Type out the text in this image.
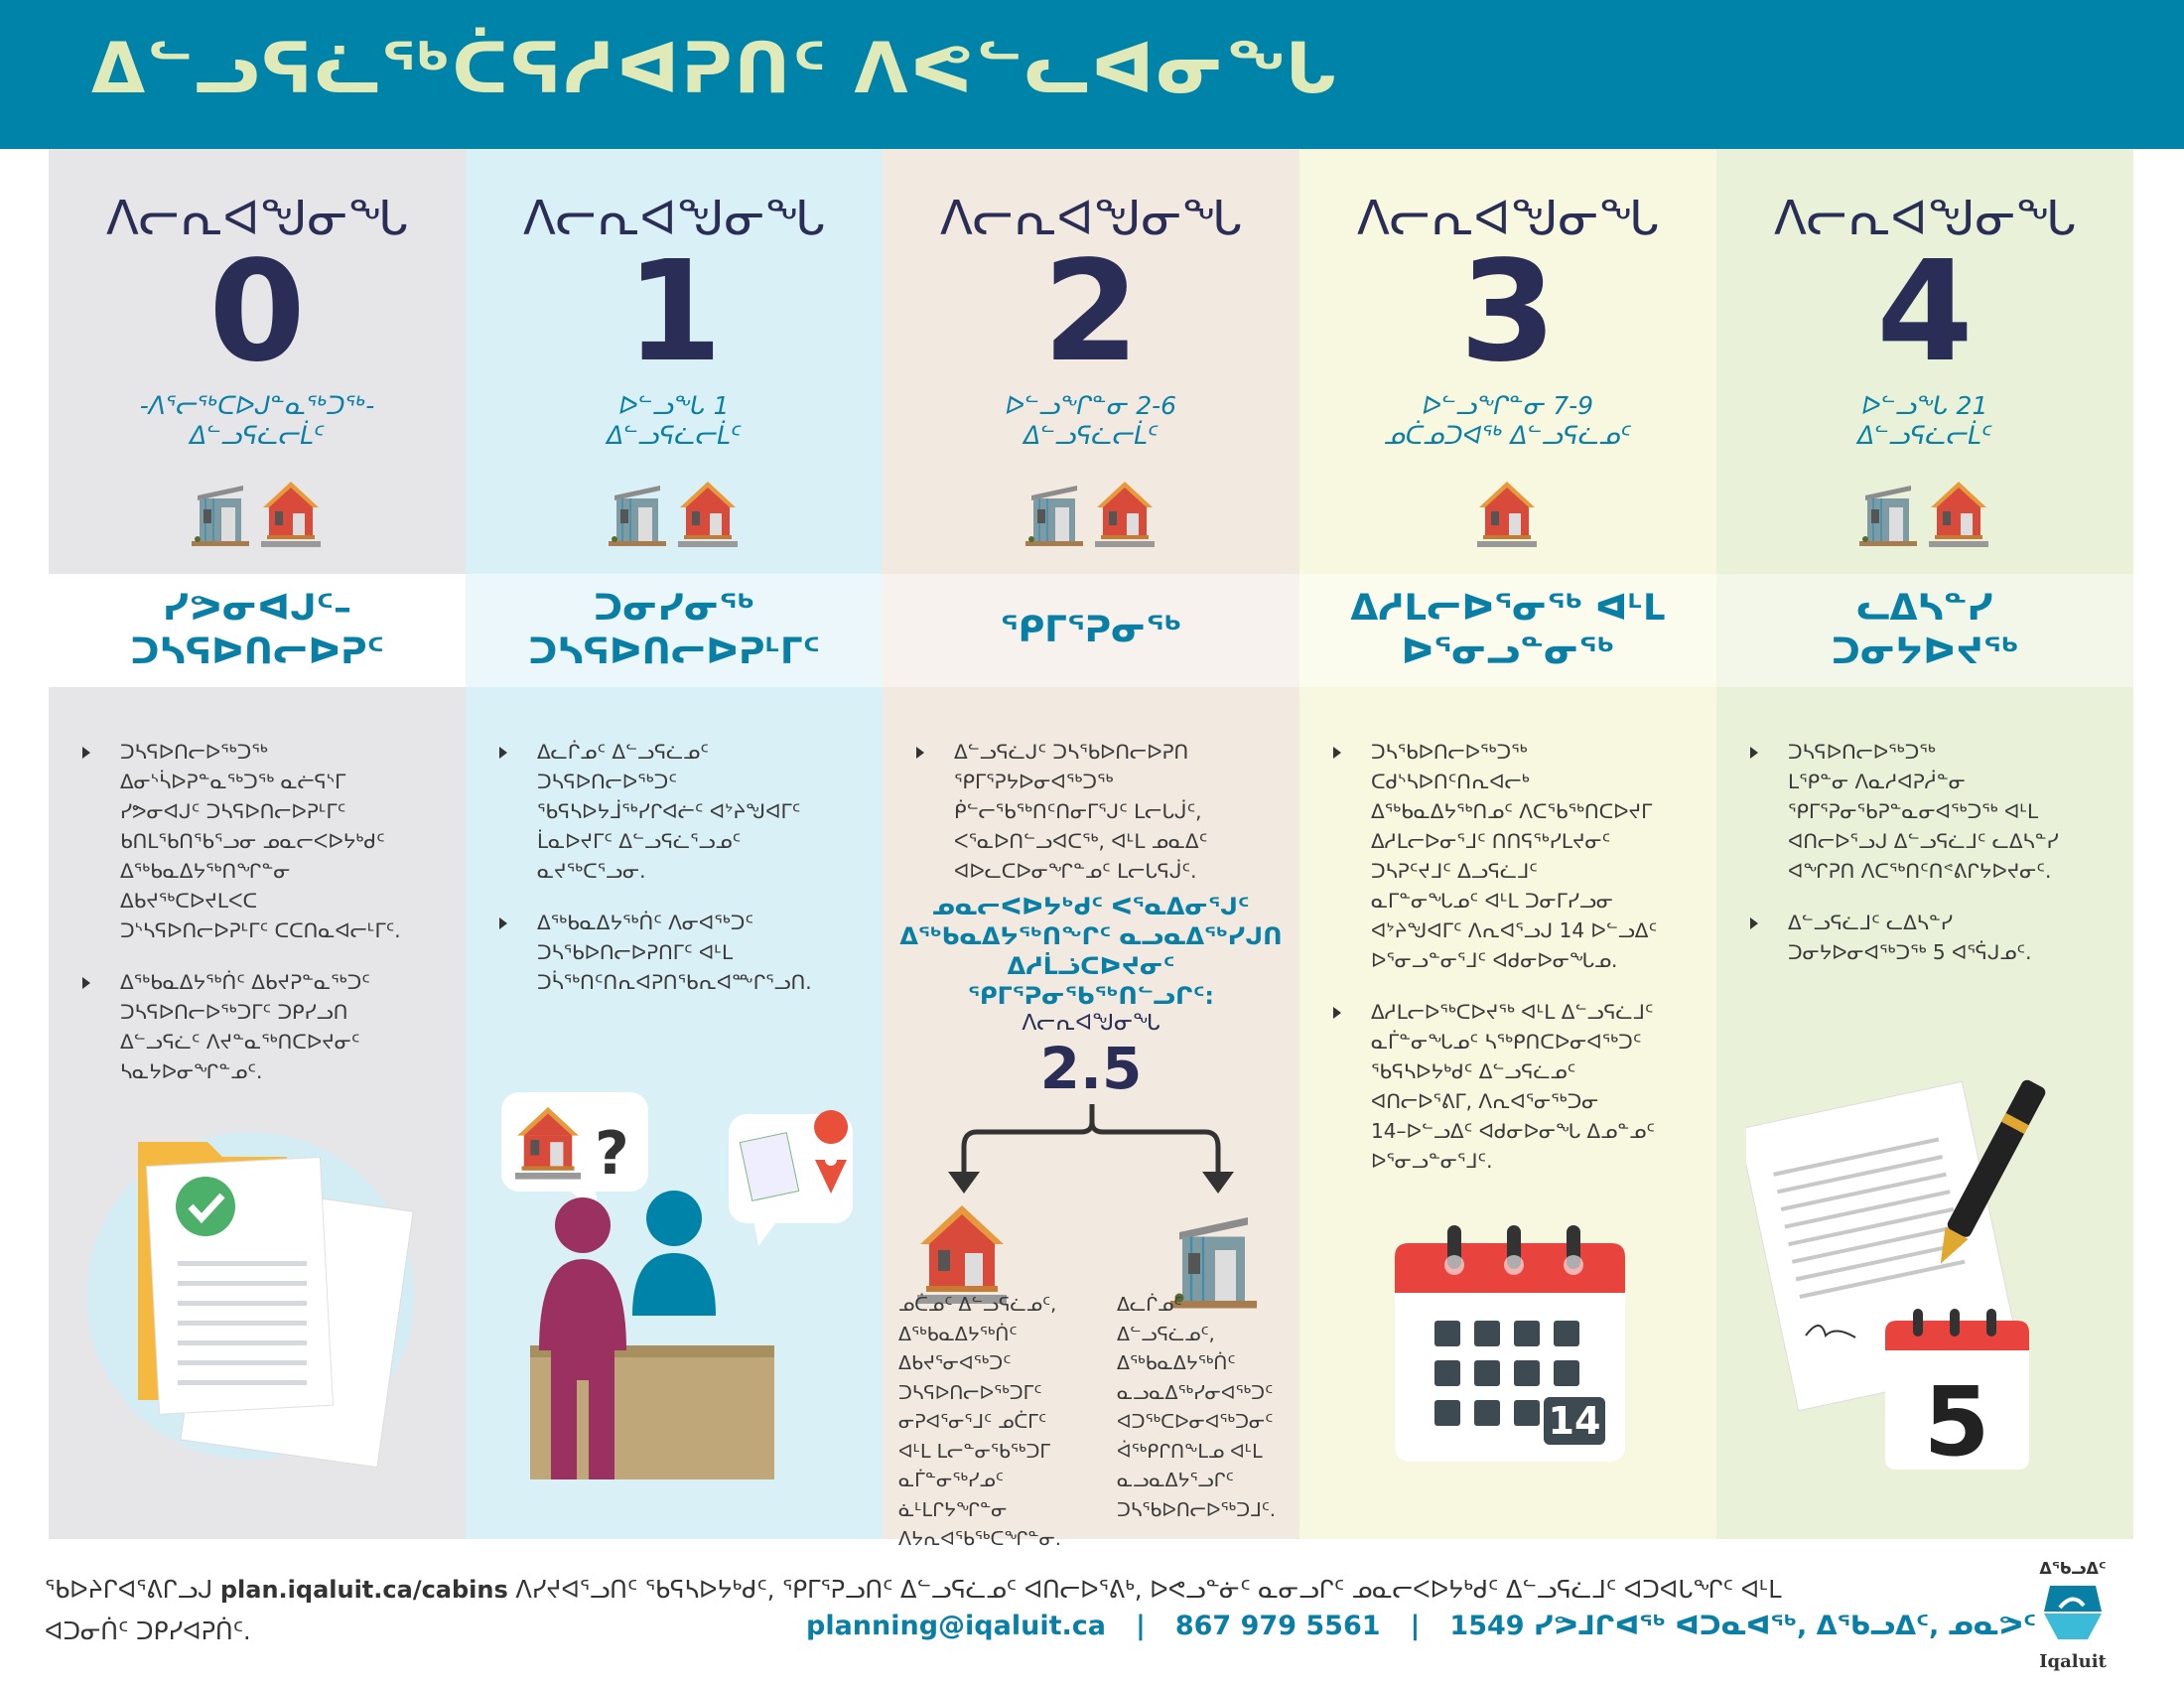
ᐃᓪᓗᕋᓛᖅᑖᕋᓱᐊᕈᑎᑦ ᐱᕙᓪᓚᐊᓂᖓ
ᐱᓕᕆᐊᖑᓂᖓ
0
-ᐱᕐᓕᖅᑕᐅᒍᓐᓇᖅᑐᖅ-
ᐃᓪᓗᕋᓛᓕᒫᑦ
ᓯᕗᓂᐊᒍᑦ–
ᑐᓴᕋᐅᑎᓕᐅᕈᑦ
ᑐᓴᕋᐅᑎᓕᐅᖅᑐᖅ
ᐃᓂᔅᓵᐅᕈᓐᓇᖅᑐᖅ ᓇᓖᕋᔅᒥ
ᓯᕗᓂᐊᒍᑦ ᑐᓴᕋᐅᑎᓕᐅᕈᒻᒥᑦ
ᑲᑎᒪᖃᑎᖃᕐᓗᓂ ᓄᓇᓕᐸᐅᔭᒃᑯᑦ
ᐃᖅᑲᓇᐃᔭᖅᑎᖏᓐᓂ
ᐃᑲᔪᖅᑕᐅᔪᒪᐸᑕ
ᑐᔅᓴᕋᐅᑎᓕᐅᕈᒻᒥᑦ ᑕᑕᑎᓇᐊᓕᒻᒥᑦ.
ᐃᖅᑲᓇᐃᔭᖅᑏᑦ ᐃᑲᔪᕈᓐᓇᖅᑐᑦ
ᑐᓴᕋᐅᑎᓕᐅᖅᑐᒥᑦ ᑐᑭᓯᓗᑎ
ᐃᓪᓗᕋᓛᑦ ᐱᔪᓐᓇᖅᑎᑕᐅᔪᓂᑦ
ᓴᓇᔭᐅᓂᖏᓐᓄᑦ.
ᐱᓕᕆᐊᖑᓂᖓ
1
ᐅᓪᓗᖓ 1
ᐃᓪᓗᕋᓛᓕᒫᑦ
ᑐᓂᓯᓂᖅ
ᑐᓴᕋᐅᑎᓕᐅᕈᒻᒥᑦ
ᐃᓚᒌᓄᑦ ᐃᓪᓗᕋᓛᓄᑦ
ᑐᓴᕋᐅᑎᓕᐅᖅᑐᑦ
ᖃᕋᓴᐅᔭᒨᖅᓯᒋᐊᓖᑦ ᐊᔾᔨᖑᐊᒥᑦ
ᒫᓇᐅᔪᒥᑦ ᐃᓪᓗᕋᓛᕐᓗᓄᑦ
ᓇᔪᖅᑕᕐᓗᓂ.
ᐃᖅᑲᓇᐃᔭᖅᑏᑦ ᐱᓂᐊᖅᑐᑦ
ᑐᓴᖃᐅᑎᓕᐅᕈᑎᒥᑦ ᐊᒻᒪ
ᑐᓵᖅᑎᑦᑎᕆᐊᕈᑎᖃᕆᐊᖖᒋᕐᓗᑎ.
?
ᐱᓕᕆᐊᖑᓂᖓ
2
ᐅᓪᓗᖏᓐᓂ 2-6
ᐃᓪᓗᕋᓛᓕᒫᑦ
ᕿᒥᕐᕈᓂᖅ
ᐃᓪᓗᕋᓛᒍᑦ ᑐᓴᖃᐅᑎᓕᐅᕈᑎ
ᕿᒥᕐᕈᔭᐅᓂᐊᖅᑐᖅ
ᑮᓪᓕᖃᖅᑎᑦᑎᓂᒥᕐᒍᑦ ᒪᓕᒐᒎᑦ,
ᐸᕐᓇᐅᑎᓪᓗᐊᑕᖅ, ᐊᒻᒪ ᓄᓇᐃᑦ
ᐊᐅᓚᑕᐅᓂᖏᓐᓄᑦ ᒪᓕᒐᕋᒎᑦ.
ᓄᓇᓕᐸᐅᔭᒃᑯᑦ ᐸᕐᓇᐃᓂᕐᒍᑦ
ᐃᖅᑲᓇᐃᔭᖅᑎᖏᑦ ᓇᓗᓇᐃᖅᓯᒍᑎ
ᐃᓱᒫᓘᑕᐅᔪᓂᑦ ᕿᒥᕐᕈᓂᕐᑲᖅᑎᓪᓗᒋᑦ:
ᐱᓕᕆᐊᖑᓂᖓ
2.5
ᓄᑖᓄᑦ ᐃᓪᓗᕋᓛᓄᑦ,
ᐃᖅᑲᓇᐃᔭᖅᑏᑦ
ᐃᑲᔪᕐᓂᐊᖅᑐᑦ
ᑐᓴᕋᐅᑎᓕᐅᖅᑐᒥᑦ
ᓂᕈᐊᕐᓂᕐᒧᑦ ᓄᑖᒥᑦ
ᐊᒻᒪ ᒪᓕᓐᓂᕐᑲᖅᑐᒥ
ᓇᒦᓐᓂᖅᓯᓄᑦ
ᓈᒻᒪᒋᔭᖏᓐᓂ
ᐱᔭᕆᐊᕐᑲᖅᑕᖏᓐᓂ.
ᐃᓚᒌᓄᑦ
ᐃᓪᓗᕋᓛᓄᑦ,
ᐃᖅᑲᓇᐃᔭᖅᑏᑦ
ᓇᓗᓇᐃᖅᓯᓂᐊᖅᑐᑦ
ᐊᑐᖅᑕᐅᓂᐊᖅᑐᓂᑦ
ᐋᖅᑭᒋᑎᖕᒪᓄ ᐊᒻᒪ
ᓇᓗᓇᐃᔭᕐᓗᒋᑦ
ᑐᓴᕐᑲᐅᑎᓕᐅᖅᑐᒧᑦ.
ᐱᓕᕆᐊᖑᓂᖓ
3
ᐅᓪᓗᖏᓐᓂ 7-9
ᓄᑖᓄᑐᐊᖅ ᐃᓪᓗᕋᓛᓄᑦ
ᐃᓱᒪᓕᐅᕐᓂᖅ ᐊᒻᒪ
ᐅᕐᓂᓗᓐᓂᖅ
ᑐᓴᖃᐅᑎᓕᐅᖅᑐᖅ
ᑕᑯᔅᓴᐅᑎᑦᑎᕆᐊᓕᒃ
ᐃᖅᑲᓇᐃᔭᖅᑎᓄᑦ ᐱᑕᖃᖅᑎᑕᐅᔪᒥ
ᐃᓱᒪᓕᐅᓂᕐᒧᑦ ᑎᑎᕋᖅᓯᒪᔪᓂᑦ
ᑐᓴᕈᑦᔪᒧᑦ ᐃᓗᕋᓛᒧᑦ
ᓇᒥᓐᓂᖓᓄᑦ ᐊᒻᒪ ᑐᓂᒥᓯᓗᓂ
ᐊᔾᔨᖑᐊᒥᑦ ᐱᕆᐊᕐᓗᒍ 14 ᐅᓪᓗᐃᑦ
ᐅᕐᓂᓗᓐᓂᕐᒧᑦ ᐊᑯᓂᐅᓂᖓᓄ.
ᐃᓱᒪᓕᐅᖅᑕᐅᔪᖅ ᐊᒻᒪ ᐃᓪᓗᕋᓛᒧᑦ
ᓇᒦᓐᓂᖓᓄᑦ ᓴᖅᑭᑎᑕᐅᓂᐊᖅᑐᑦ
ᖃᕋᓴᐅᔭᒃᑯᑦ ᐃᓪᓗᕋᓛᓄᑦ
ᐊᑎᓕᐅᕐᕕᒥ, ᐱᕆᐊᕐᓂᖅᑐᓂ
14–ᐅᓪᓗᐃᑦ ᐊᑯᓂᐅᓂᖓ ᐃᓄᓐᓄᑦ
ᐅᕐᓂᓗᓐᓂᕐᒧᑦ.
14
ᐱᓕᕆᐊᖑᓂᖓ
4
ᐅᓪᓗᖓ 21
ᐃᓪᓗᕋᓛᓕᒫᑦ
ᓚᐃᓴᓐᓯ
ᑐᓂᔭᐅᔪᖅ
ᑐᓴᕋᐅᑎᓕᐅᖅᑐᖅ
ᒪᕿᓐᓂ ᐱᓇᓱᐊᕈᓲᓐᓂ
ᕿᒥᕐᕈᓂᕐᑲᕈᓐᓇᓂᐊᖅᑐᖅ ᐊᒻᒪ
ᐊᑎᓕᐅᕐᓗᒍ ᐃᓪᓗᕋᓛᒧᑦ ᓚᐃᓴᓐᓯ
ᐊᖏᕈᑎ ᐱᑕᖅᑎᑦᑎᕝᕕᒋᔭᐅᔪᓂᑦ.
ᐃᓪᓗᕋᓛᒧᑦ ᓚᐃᓴᓐᓯ
ᑐᓂᔭᐅᓂᐊᖅᑐᖅ 5 ᐊᕐᕌᒍᓄᑦ.
5
ᖃᐅᔨᒋᐊᕐᕕᒋᓗᒍ plan.iqaluit.ca/cabins ᐱᓯᔪᐊᕐᓗᑎᑦ ᖃᕋᓴᐅᔭᒃᑯᑦ, ᕿᒥᕐᕈᓗᑎᑦ ᐃᓪᓗᕋᓛᓄᑦ ᐊᑎᓕᐅᕐᕕᒃ, ᐅᕙᓗᓐᓃᑦ ᓇᓂᓗᒋᑦ ᓄᓇᓕᐸᐅᔭᒃᑯᑦ ᐃᓪᓗᕋᓛᒧᑦ ᐊᑐᐊᒐᖏᑦ ᐊᒻᒪ
ᐊᑐᓂᑏᑦ ᑐᑭᓯᐊᕈᑏᑦ.	planning@iqaluit.ca | 867 979 5561 | 1549 ᓯᕗᒧᒋᐊᖅ ᐊᑐᓇᐊᖅ, ᐃᖃᓗᐃᑦ, ᓄᓇᕗᑦ
ᐃᖃᓗᐃᑦ
Iqaluit
